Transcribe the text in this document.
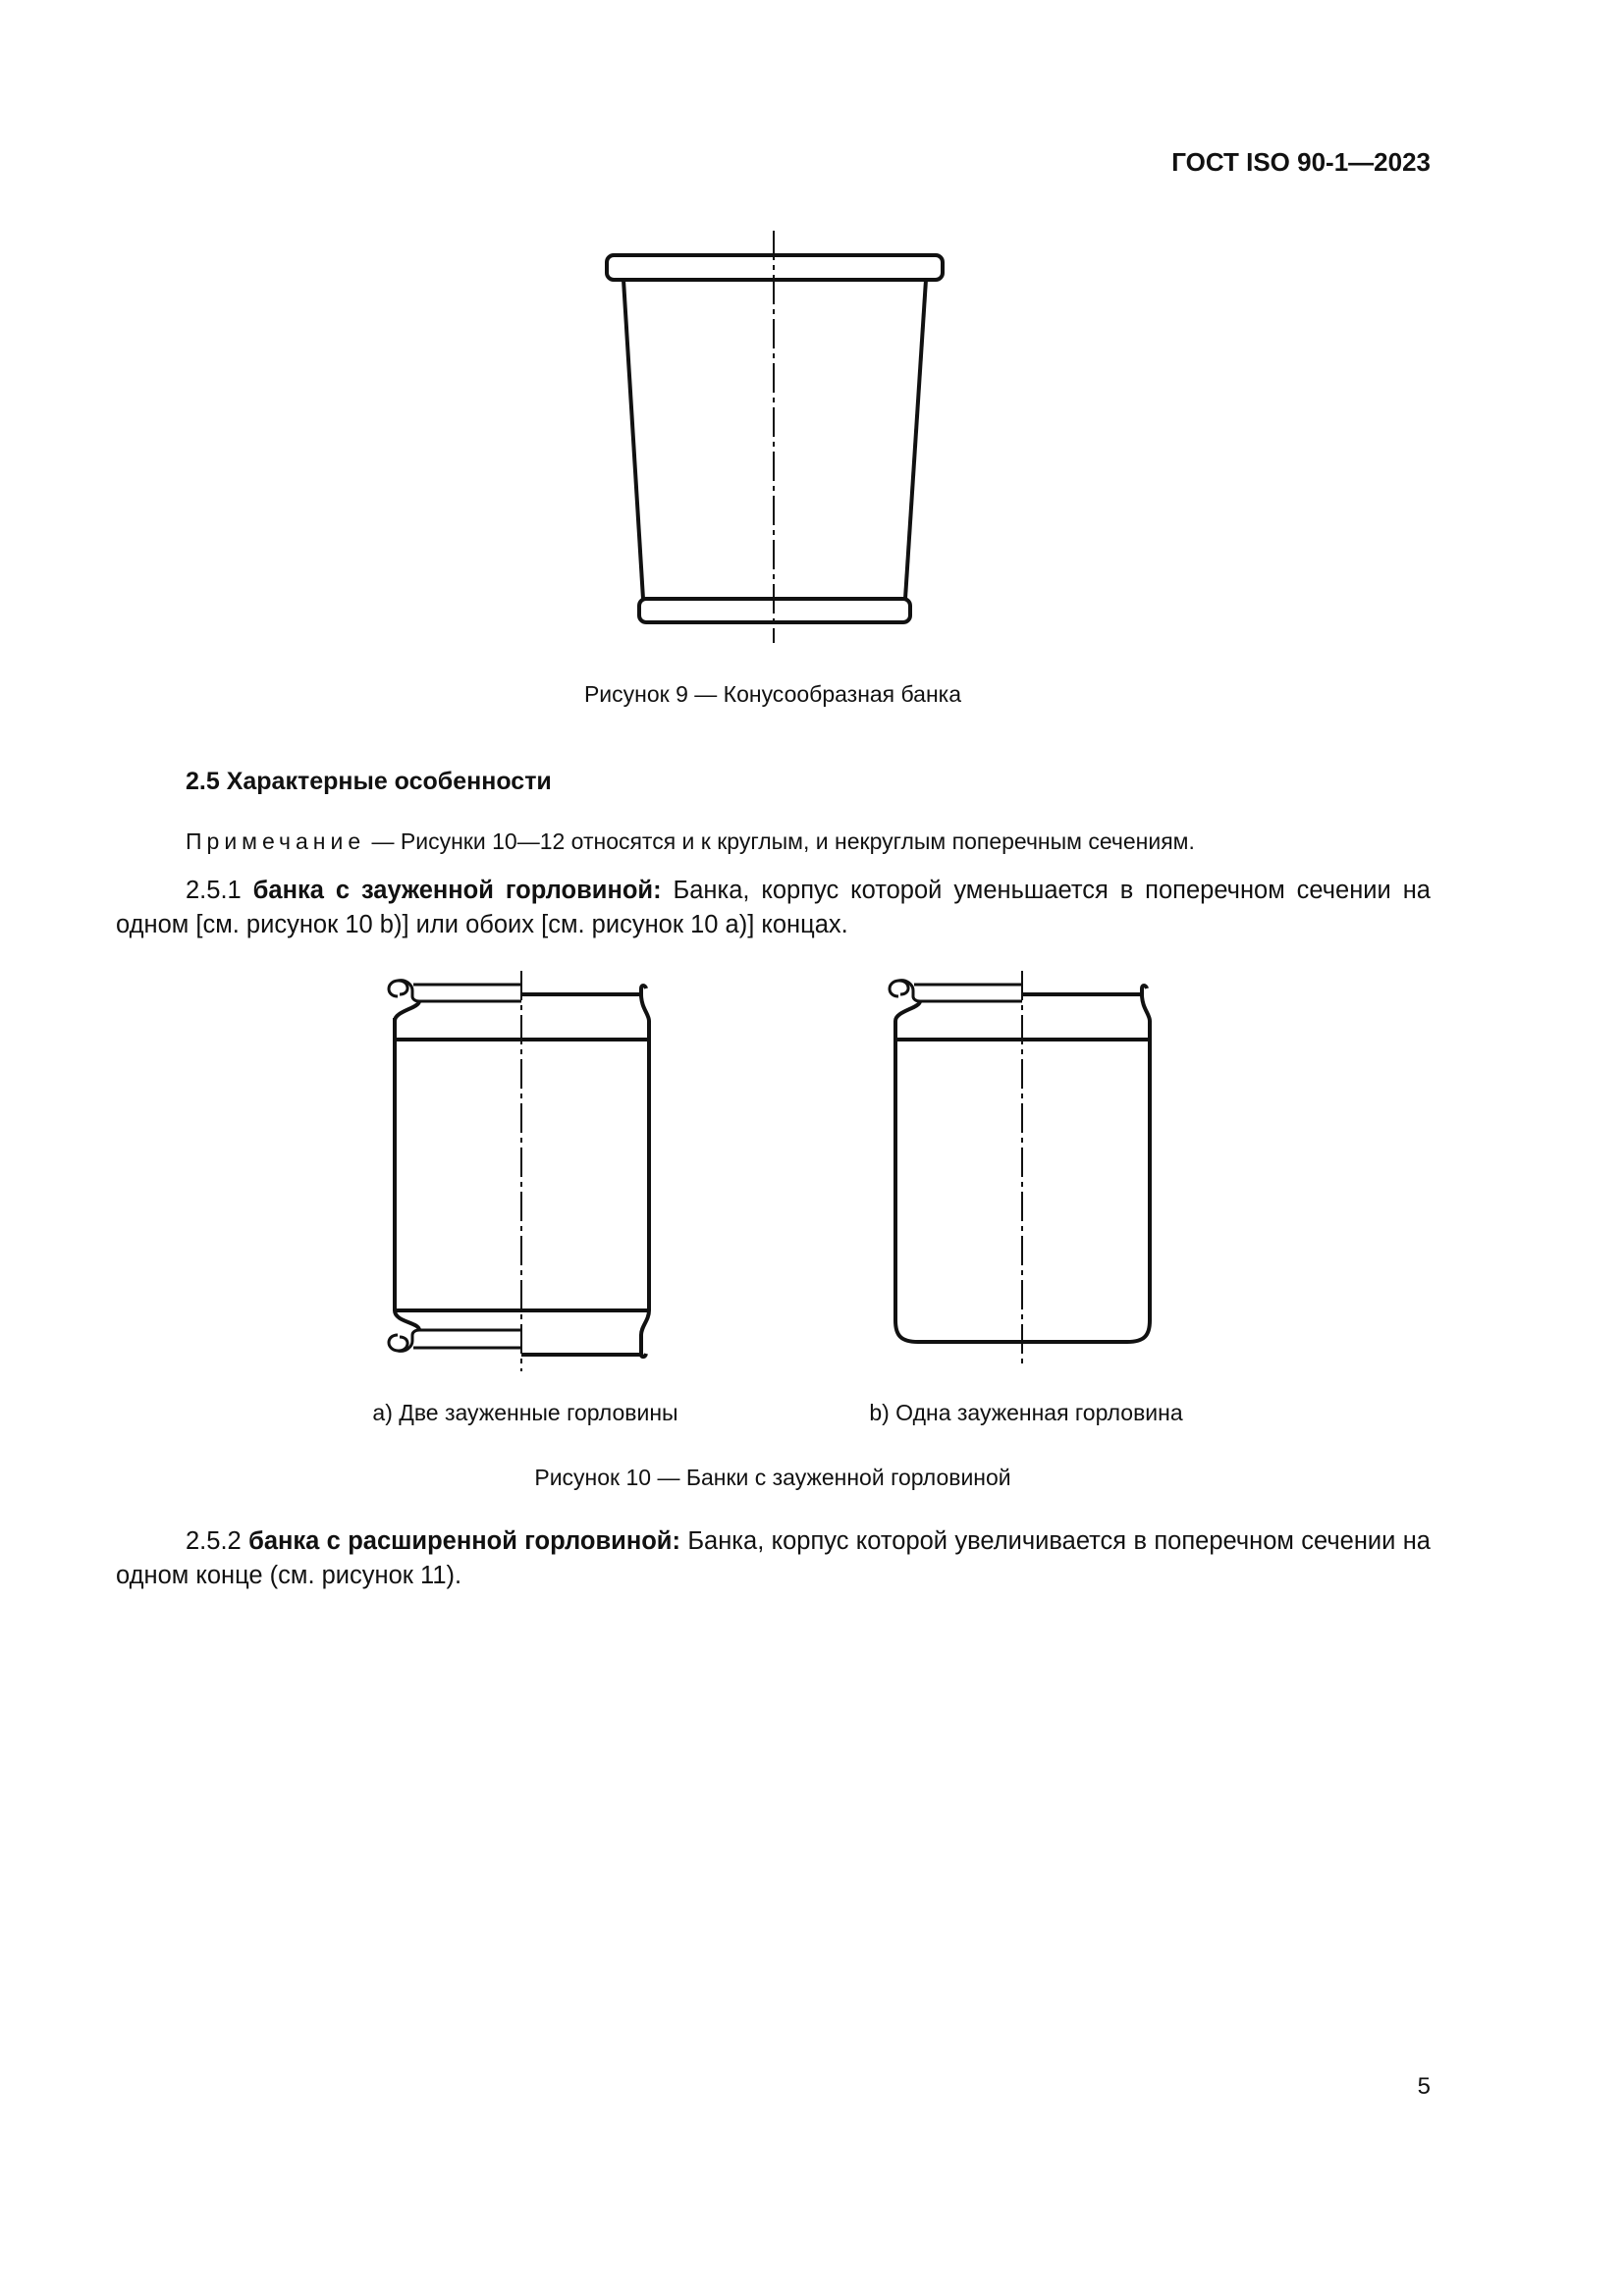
ГОСТ ISO 90-1—2023
Рисунок 9 — Конусообразная банка
2.5 Характерные особенности
Примечание — Рисунки 10—12 относятся и к круглым, и некруглым поперечным сечениям.
2.5.1 банка с зауженной горловиной: Банка, корпус которой уменьшается в поперечном сечении на одном [см. рисунок 10 b)] или обоих [см. рисунок 10 а)] концах.
а) Две зауженные горловины	b) Одна зауженная горловина
Рисунок 10 — Банки с зауженной горловиной
2.5.2 банка с расширенной горловиной: Банка, корпус которой увеличивается в поперечном сечении на одном конце (см. рисунок 11).
5
